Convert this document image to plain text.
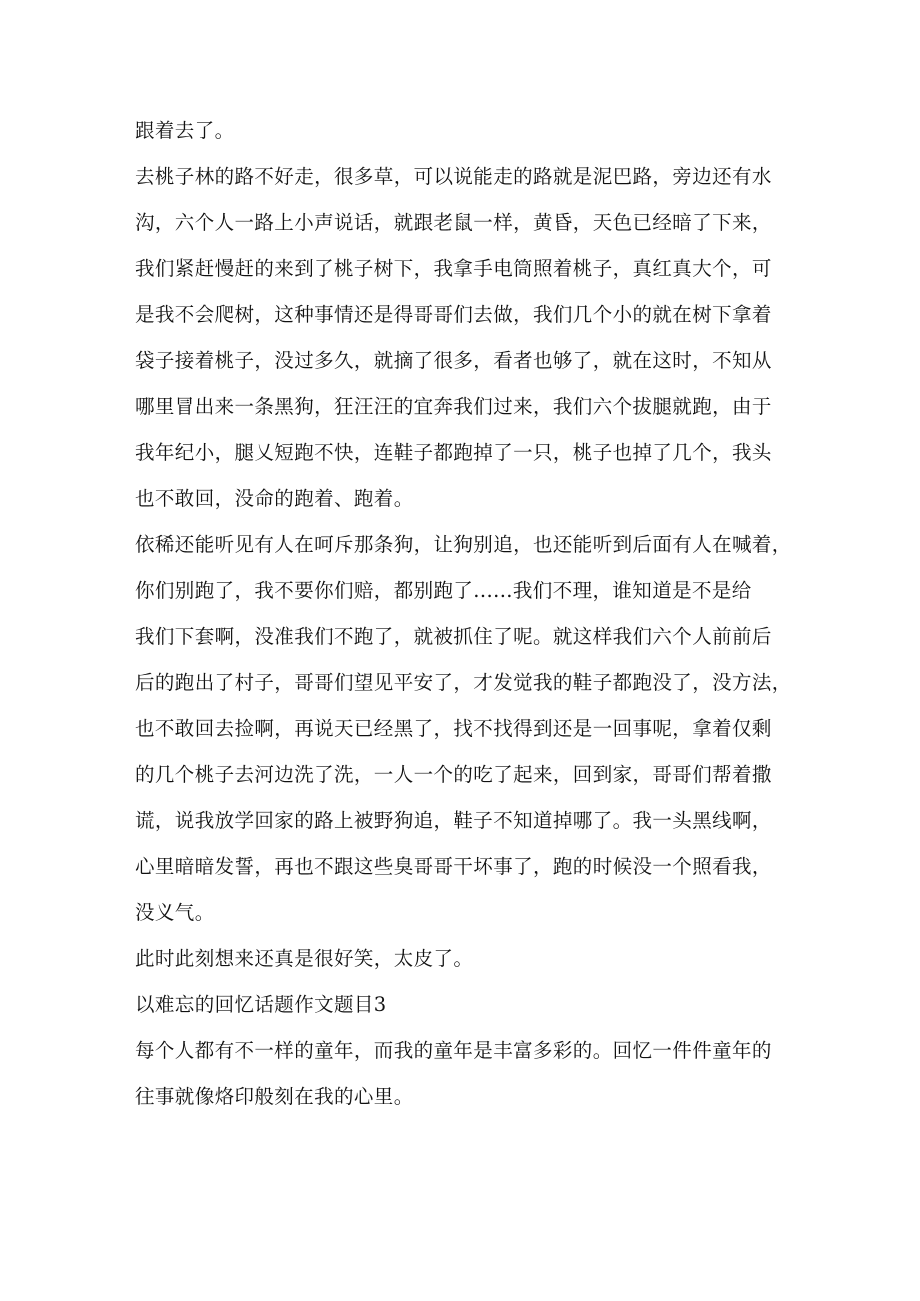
跟着去了。
去桃子林的路不好走，很多草，可以说能走的路就是泥巴路，旁边还有水
沟，六个人一路上小声说话，就跟老鼠一样，黄昏，天色已经暗了下来，
我们紧赶慢赶的来到了桃子树下，我拿手电筒照着桃子，真红真大个，可
是我不会爬树，这种事情还是得哥哥们去做，我们几个小的就在树下拿着
袋子接着桃子，没过多久，就摘了很多，看者也够了，就在这时，不知从
哪里冒出来一条黑狗，狂汪汪的宜奔我们过来，我们六个拔腿就跑，由于
我年纪小，腿乂短跑不快，连鞋子都跑掉了一只，桃子也掉了几个，我头
也不敢回，没命的跑着、跑着。
依稀还能听见有人在呵斥那条狗，让狗别追，也还能听到后面有人在喊着，
你们别跑了，我不要你们赔，都别跑了......我们不理，谁知道是不是给
我们下套啊，没准我们不跑了，就被抓住了呢。就这样我们六个人前前后
后的跑出了村子，哥哥们望见平安了，才发觉我的鞋子都跑没了，没方法，
也不敢回去捡啊，再说天已经黑了，找不找得到还是一回事呢，拿着仅剩
的几个桃子去河边洗了洗，一人一个的吃了起来，回到家，哥哥们帮着撒
谎，说我放学回家的路上被野狗追，鞋子不知道掉哪了。我一头黑线啊，
心里暗暗发誓，再也不跟这些臭哥哥干坏事了，跑的时候没一个照看我，
没义气。
此时此刻想来还真是很好笑，太皮了。
以难忘的回忆话题作文题目3
每个人都有不一样的童年，而我的童年是丰富多彩的。回忆一件件童年的
往事就像烙印般刻在我的心里。
